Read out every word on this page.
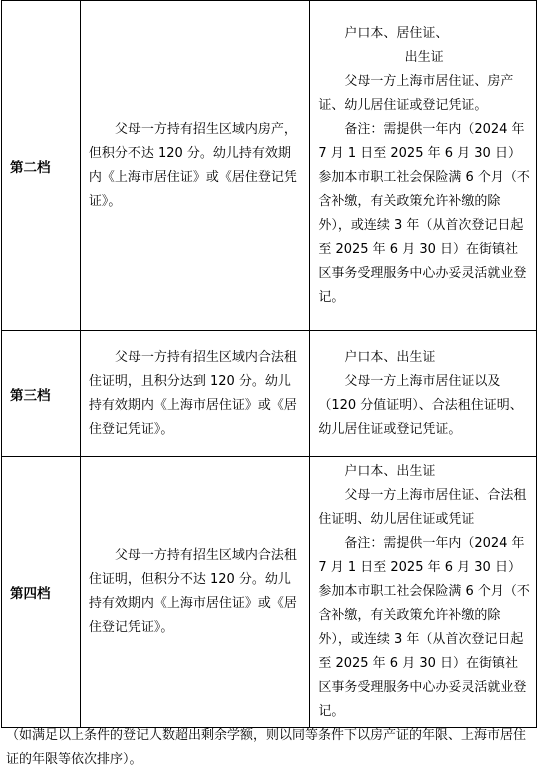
第二档	父母一方持有招生区域内房产，但积分不达 120 分。幼儿持有效期内《上海市居住证》或《居住登记凭证》。	户口本、居住证、

出生证

父母一方上海市居住证、房产证、幼儿居住证或登记凭证。

备注：需提供一年内（2024 年 7 月 1 日至 2025 年 6 月 30 日）参加本市职工社会保险满 6 个月（不含补缴，有关政策允许补缴的除外），或连续 3 年（从首次登记日起至 2025 年 6 月 30 日）在街镇社区事务受理服务中心办妥灵活就业登记。

第三档	父母一方持有招生区域内合法租住证明，且积分达到 120 分。幼儿持有效期内《上海市居住证》或《居住登记凭证》。	户口本、出生证

父母一方上海市居住证以及（120 分值证明）、合法租住证明、幼儿居住证或登记凭证。

第四档	父母一方持有招生区域内合法租住证明，但积分不达 120 分。幼儿持有效期内《上海市居住证》或《居住登记凭证》。	户口本、出生证

父母一方上海市居住证、合法租住证明、幼儿居住证或凭证

备注：需提供一年内（2024 年 7 月 1 日至 2025 年 6 月 30 日）参加本市职工社会保险满 6 个月（不含补缴，有关政策允许补缴的除外），或连续 3 年（从首次登记日起至 2025 年 6 月 30 日）在街镇社区事务受理服务中心办妥灵活就业登记。

（如满足以上条件的登记人数超出剩余学额，则以同等条件下以房产证的年限、上海市居住证的年限等依次排序）。
